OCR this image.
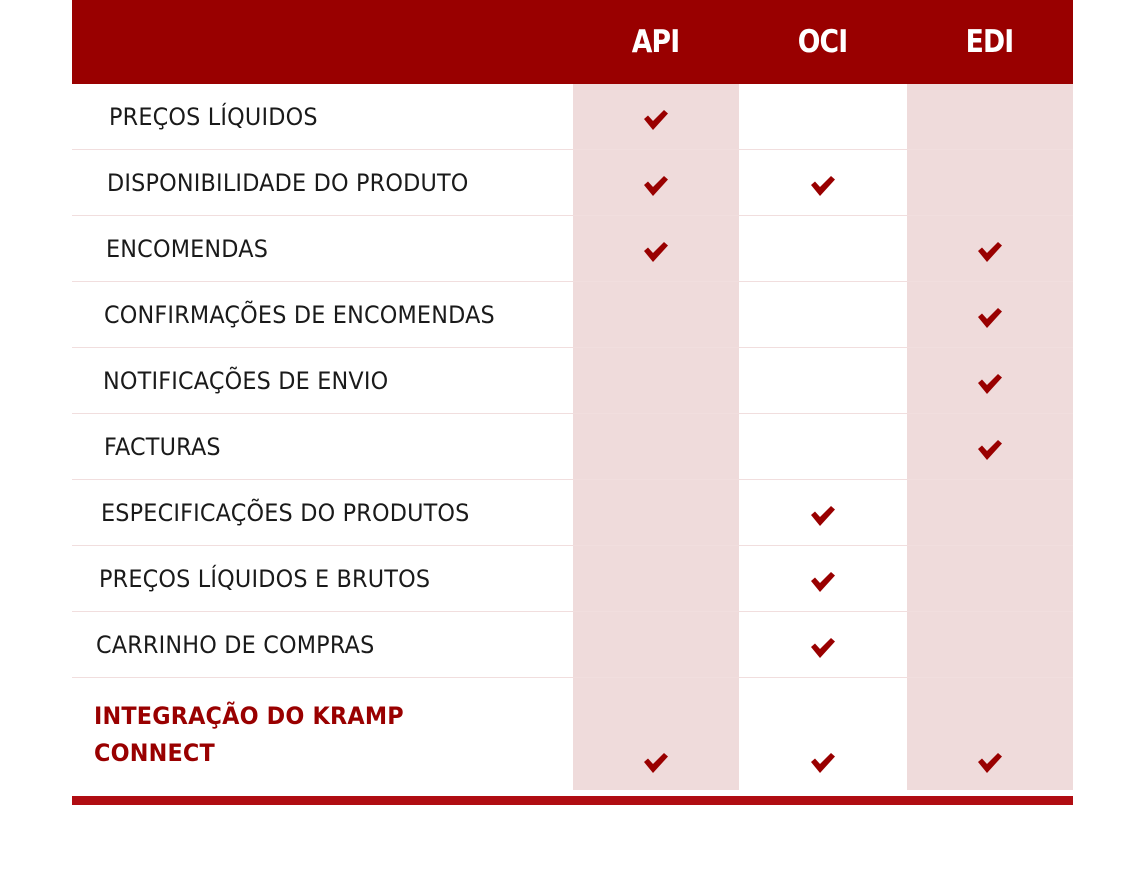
API	OCI	EDI
PREÇOS LÍQUIDOS
DISPONIBILIDADE DO PRODUTO
ENCOMENDAS
CONFIRMAÇÕES DE ENCOMENDAS
NOTIFICAÇÕES DE ENVIO
FACTURAS
ESPECIFICAÇÕES DO PRODUTOS
PREÇOS LÍQUIDOS E BRUTOS
CARRINHO DE COMPRAS
INTEGRAÇÃO DO KRAMP CONNECT
